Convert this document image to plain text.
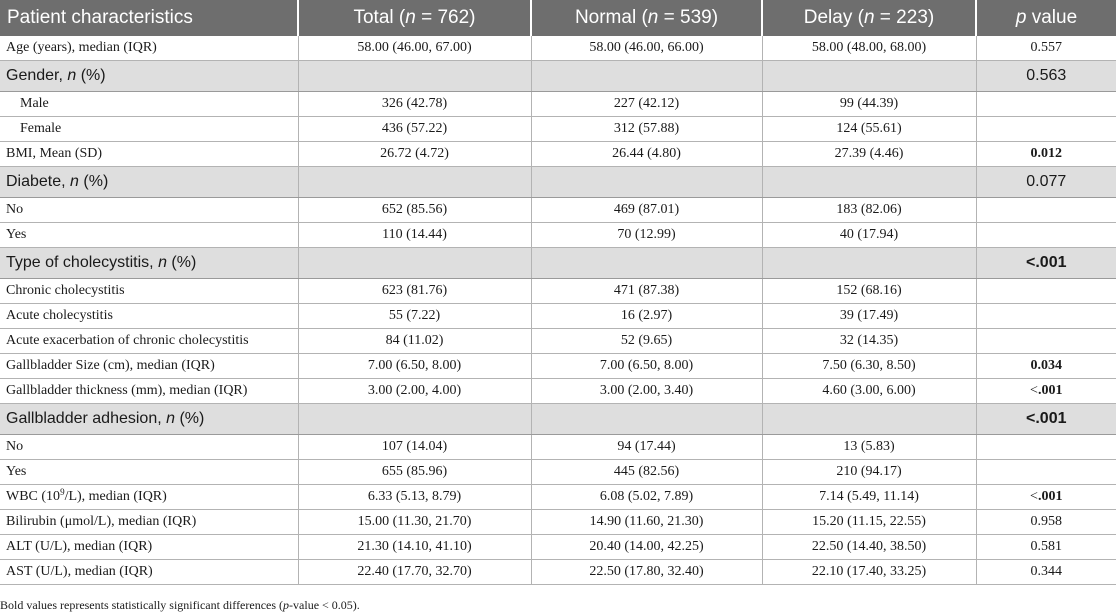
Patient characteristics	Total (n = 762)	Normal (n = 539)	Delay (n = 223)	p value
Age (years), median (IQR)	58.00 (46.00, 67.00)	58.00 (46.00, 66.00)	58.00 (48.00, 68.00)	0.557
Gender, n (%)				0.563
Male	326 (42.78)	227 (42.12)	99 (44.39)	
Female	436 (57.22)	312 (57.88)	124 (55.61)	
BMI, Mean (SD)	26.72 (4.72)	26.44 (4.80)	27.39 (4.46)	0.012
Diabete, n (%)				0.077
No	652 (85.56)	469 (87.01)	183 (82.06)	
Yes	110 (14.44)	70 (12.99)	40 (17.94)	
Type of cholecystitis, n (%)				<.001
Chronic cholecystitis	623 (81.76)	471 (87.38)	152 (68.16)	
Acute cholecystitis	55 (7.22)	16 (2.97)	39 (17.49)	
Acute exacerbation of chronic cholecystitis	84 (11.02)	52 (9.65)	32 (14.35)	
Gallbladder Size (cm), median (IQR)	7.00 (6.50, 8.00)	7.00 (6.50, 8.00)	7.50 (6.30, 8.50)	0.034
Gallbladder thickness (mm), median (IQR)	3.00 (2.00, 4.00)	3.00 (2.00, 3.40)	4.60 (3.00, 6.00)	<.001
Gallbladder adhesion, n (%)				<.001
No	107 (14.04)	94 (17.44)	13 (5.83)	
Yes	655 (85.96)	445 (82.56)	210 (94.17)	
WBC $(10^9/L)$, median (IQR)	6.33 (5.13, 8.79)	6.08 (5.02, 7.89)	7.14 (5.49, 11.14)	<.001
Bilirubin (μmol/L), median (IQR)	15.00 (11.30, 21.70)	14.90 (11.60, 21.30)	15.20 (11.15, 22.55)	0.958
ALT (U/L), median (IQR)	21.30 (14.10, 41.10)	20.40 (14.00, 42.25)	22.50 (14.40, 38.50)	0.581
AST (U/L), median (IQR)	22.40 (17.70, 32.70)	22.50 (17.80, 32.40)	22.10 (17.40, 33.25)	0.344
Bold values represents statistically significant differences (p-value < 0.05).
